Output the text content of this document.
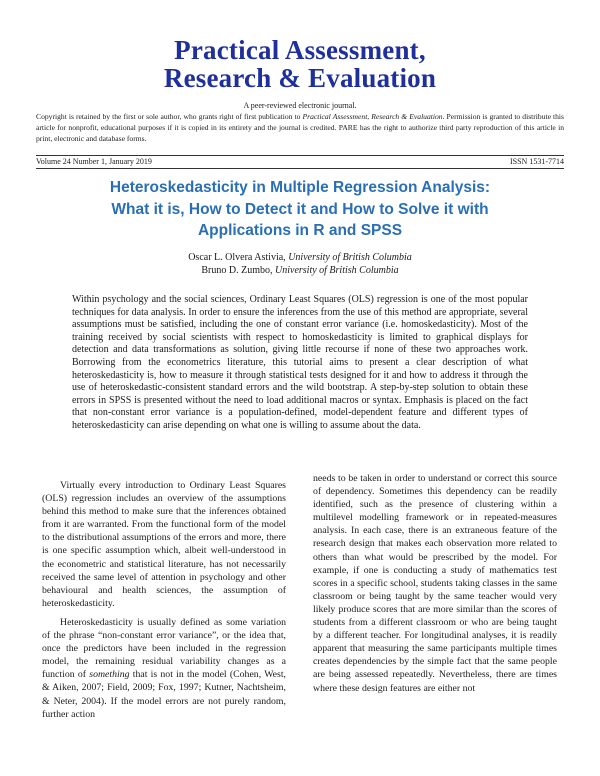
Practical Assessment,
Research & Evaluation
A peer-reviewed electronic journal.
Copyright is retained by the first or sole author, who grants right of first publication to Practical Assessment, Research & Evaluation. Permission is granted to distribute this article for nonprofit, educational purposes if it is copied in its entirety and the journal is credited. PARE has the right to authorize third party reproduction of this article in print, electronic and database forms.
Volume 24 Number 1, January 2019	ISSN 1531-7714
Heteroskedasticity in Multiple Regression Analysis:
What it is, How to Detect it and How to Solve it with
Applications in R and SPSS
Oscar L. Olvera Astivia, University of British Columbia
Bruno D. Zumbo, University of British Columbia
Within psychology and the social sciences, Ordinary Least Squares (OLS) regression is one of the most popular techniques for data analysis. In order to ensure the inferences from the use of this method are appropriate, several assumptions must be satisfied, including the one of constant error variance (i.e. homoskedasticity). Most of the training received by social scientists with respect to homoskedasticity is limited to graphical displays for detection and data transformations as solution, giving little recourse if none of these two approaches work. Borrowing from the econometrics literature, this tutorial aims to present a clear description of what heteroskedasticity is, how to measure it through statistical tests designed for it and how to address it through the use of heteroskedastic-consistent standard errors and the wild bootstrap. A step-by-step solution to obtain these errors in SPSS is presented without the need to load additional macros or syntax. Emphasis is placed on the fact that non-constant error variance is a population-defined, model-dependent feature and different types of heteroskedasticity can arise depending on what one is willing to assume about the data.

Virtually every introduction to Ordinary Least Squares (OLS) regression includes an overview of the assumptions behind this method to make sure that the inferences obtained from it are warranted. From the functional form of the model to the distributional assumptions of the errors and more, there is one specific assumption which, albeit well-understood in the econometric and statistical literature, has not necessarily received the same level of attention in psychology and other behavioural and health sciences, the assumption of heteroskedasticity.

Heteroskedasticity is usually defined as some variation of the phrase “non-constant error variance”, or the idea that, once the predictors have been included in the regression model, the remaining residual variability changes as a function of something that is not in the model (Cohen, West, & Aiken, 2007; Field, 2009; Fox, 1997; Kutner, Nachtsheim, & Neter, 2004). If the model errors are not purely random, further action

needs to be taken in order to understand or correct this source of dependency. Sometimes this dependency can be readily identified, such as the presence of clustering within a multilevel modelling framework or in repeated-measures analysis. In each case, there is an extraneous feature of the research design that makes each observation more related to others than what would be prescribed by the model. For example, if one is conducting a study of mathematics test scores in a specific school, students taking classes in the same classroom or being taught by the same teacher would very likely produce scores that are more similar than the scores of students from a different classroom or who are being taught by a different teacher. For longitudinal analyses, it is readily apparent that measuring the same participants multiple times creates dependencies by the simple fact that the same people are being assessed repeatedly. Nevertheless, there are times where these design features are either not
